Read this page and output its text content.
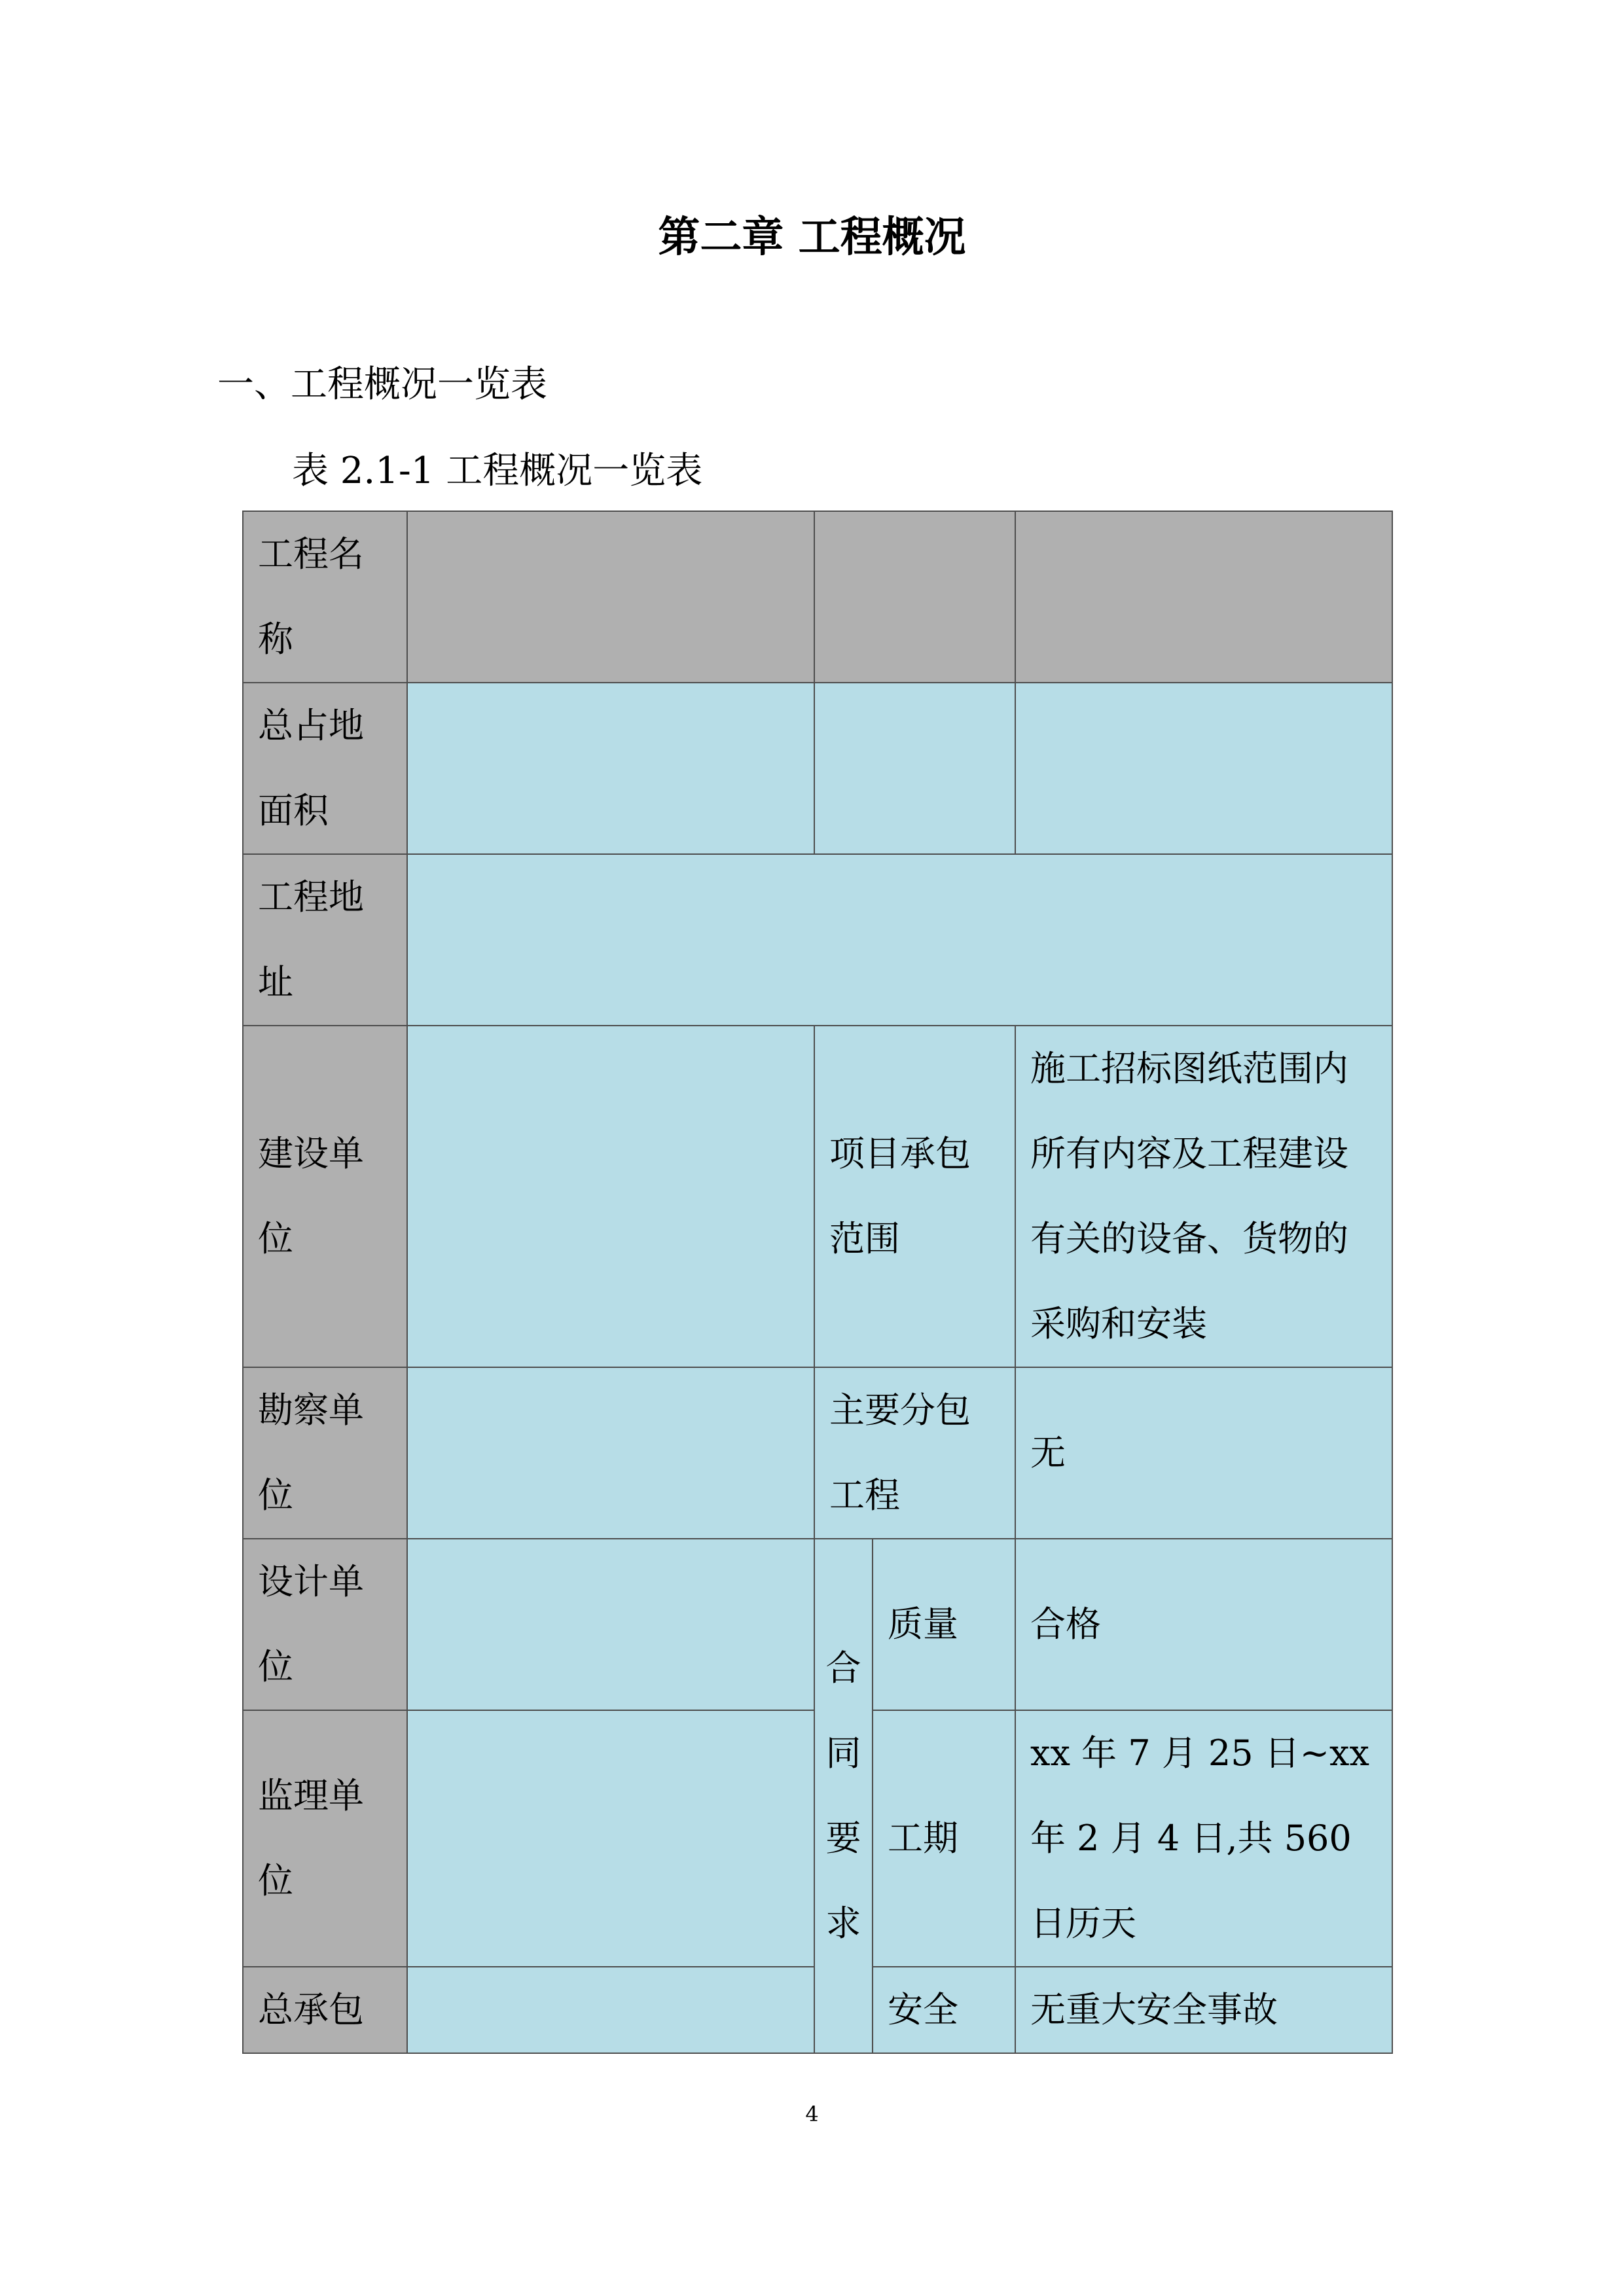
第二章 工程概况
一、工程概况一览表
表 2.1-1 工程概况一览表
工程名称				
总占地面积				
工程地址				
建设单位		项目承包范围		施工招标图纸范围内所有内容及工程建设有关的设备、货物的采购和安装
勘察单位		主要分包工程		无
设计单位		合同要求	质量	合格
监理单位			工期	xx 年 7 月 25 日~xx 年 2 月 4 日,共 560 日历天
总承包			安全	无重大安全事故
4
